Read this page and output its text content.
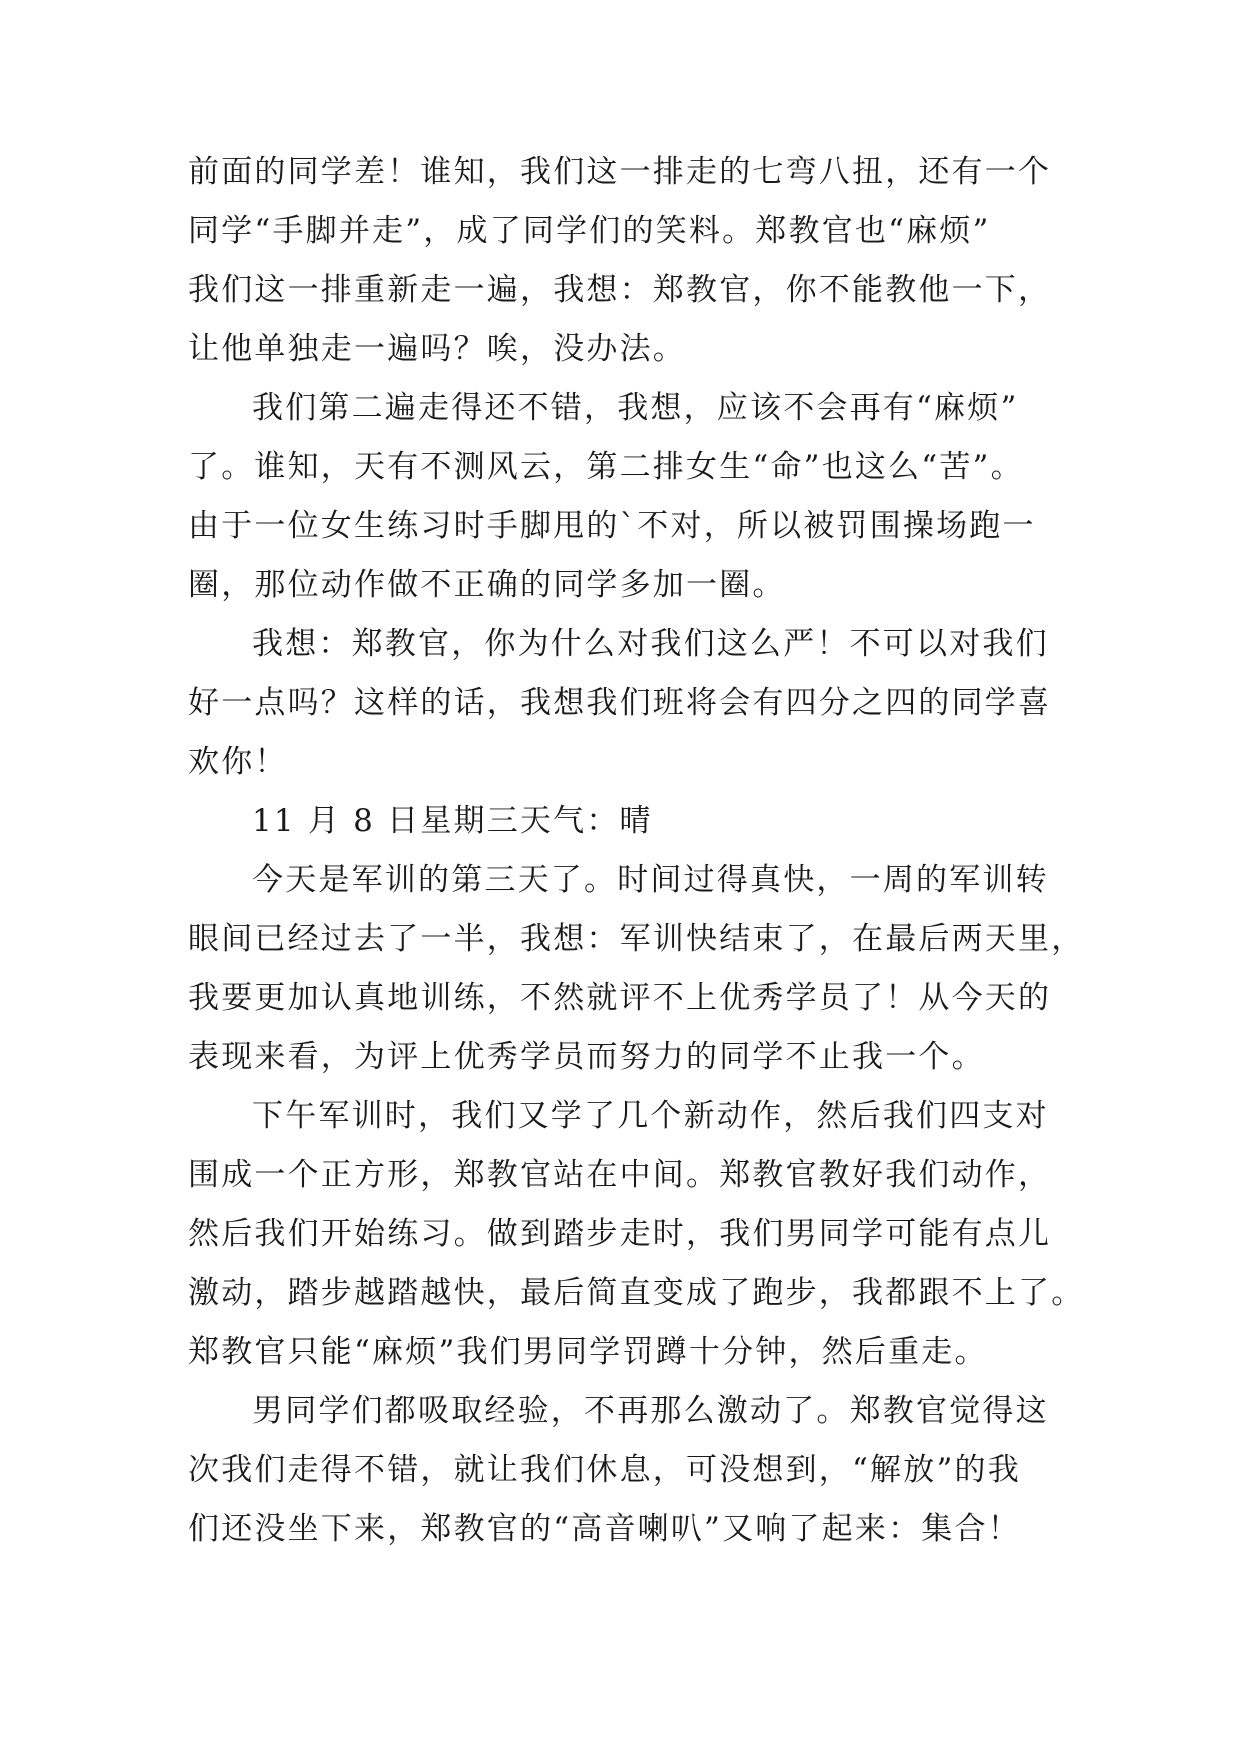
前面的同学差！谁知，我们这一排走的七弯八扭，还有一个
同学“手脚并走”，成了同学们的笑料。郑教官也“麻烦”
我们这一排重新走一遍，我想：郑教官，你不能教他一下，
让他单独走一遍吗？唉，没办法。
我们第二遍走得还不错，我想，应该不会再有“麻烦”
了。谁知，天有不测风云，第二排女生“命”也这么“苦”。
由于一位女生练习时手脚甩的`不对，所以被罚围操场跑一
圈，那位动作做不正确的同学多加一圈。
我想：郑教官，你为什么对我们这么严！不可以对我们
好一点吗？这样的话，我想我们班将会有四分之四的同学喜
欢你！
11 月 8 日星期三天气：晴
今天是军训的第三天了。时间过得真快，一周的军训转
眼间已经过去了一半，我想：军训快结束了，在最后两天里，
我要更加认真地训练，不然就评不上优秀学员了！从今天的
表现来看，为评上优秀学员而努力的同学不止我一个。
下午军训时，我们又学了几个新动作，然后我们四支对
围成一个正方形，郑教官站在中间。郑教官教好我们动作，
然后我们开始练习。做到踏步走时，我们男同学可能有点儿
激动，踏步越踏越快，最后简直变成了跑步，我都跟不上了。
郑教官只能“麻烦”我们男同学罚蹲十分钟，然后重走。
男同学们都吸取经验，不再那么激动了。郑教官觉得这
次我们走得不错，就让我们休息，可没想到，“解放”的我
们还没坐下来，郑教官的“高音喇叭”又响了起来：集合！
